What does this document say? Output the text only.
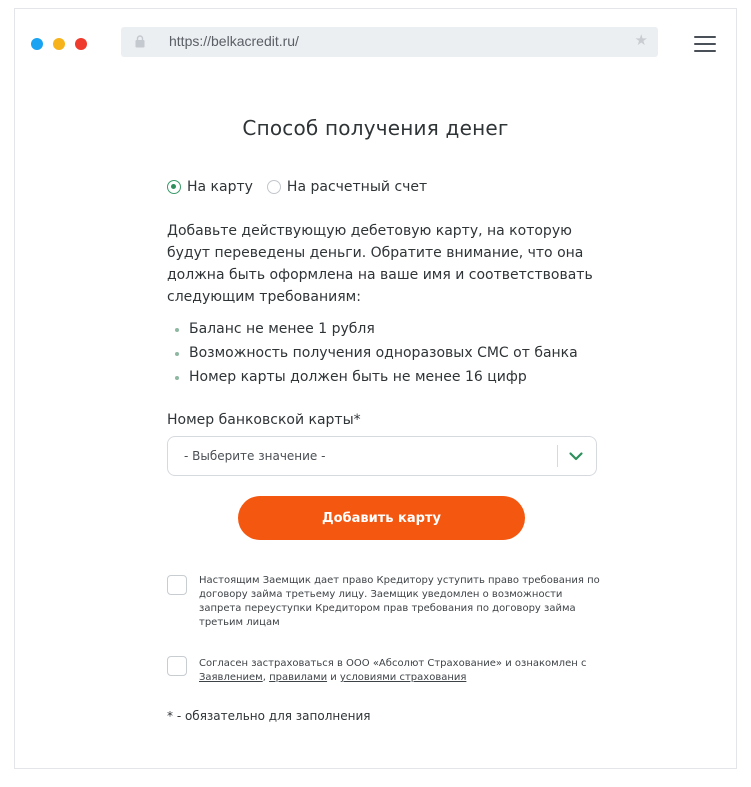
https://belkacredit.ru/	★
Способ получения денег
На карту На расчетный счет

Добавьте действующую дебетовую карту, на которую будут переведены деньги. Обратите внимание, что она должна быть оформлена на ваше имя и соответствовать следующим требованиям:

Баланс не менее 1 рубля
Возможность получения одноразовых СМС от банка
Номер карты должен быть не менее 16 цифр
Номер банковской карты*
- Выберите значение -
Добавить карту

Настоящим Заемщик дает право Кредитору уступить право требования по договору займа третьему лицу. Заемщик уведомлен о возможности запрета переуступки Кредитором прав требования по договору займа третьим лицам

Согласен застраховаться в ООО «Абсолют Страхование» и ознакомлен с Заявлением, правилами и условиями страхования

* - обязательно для заполнения
